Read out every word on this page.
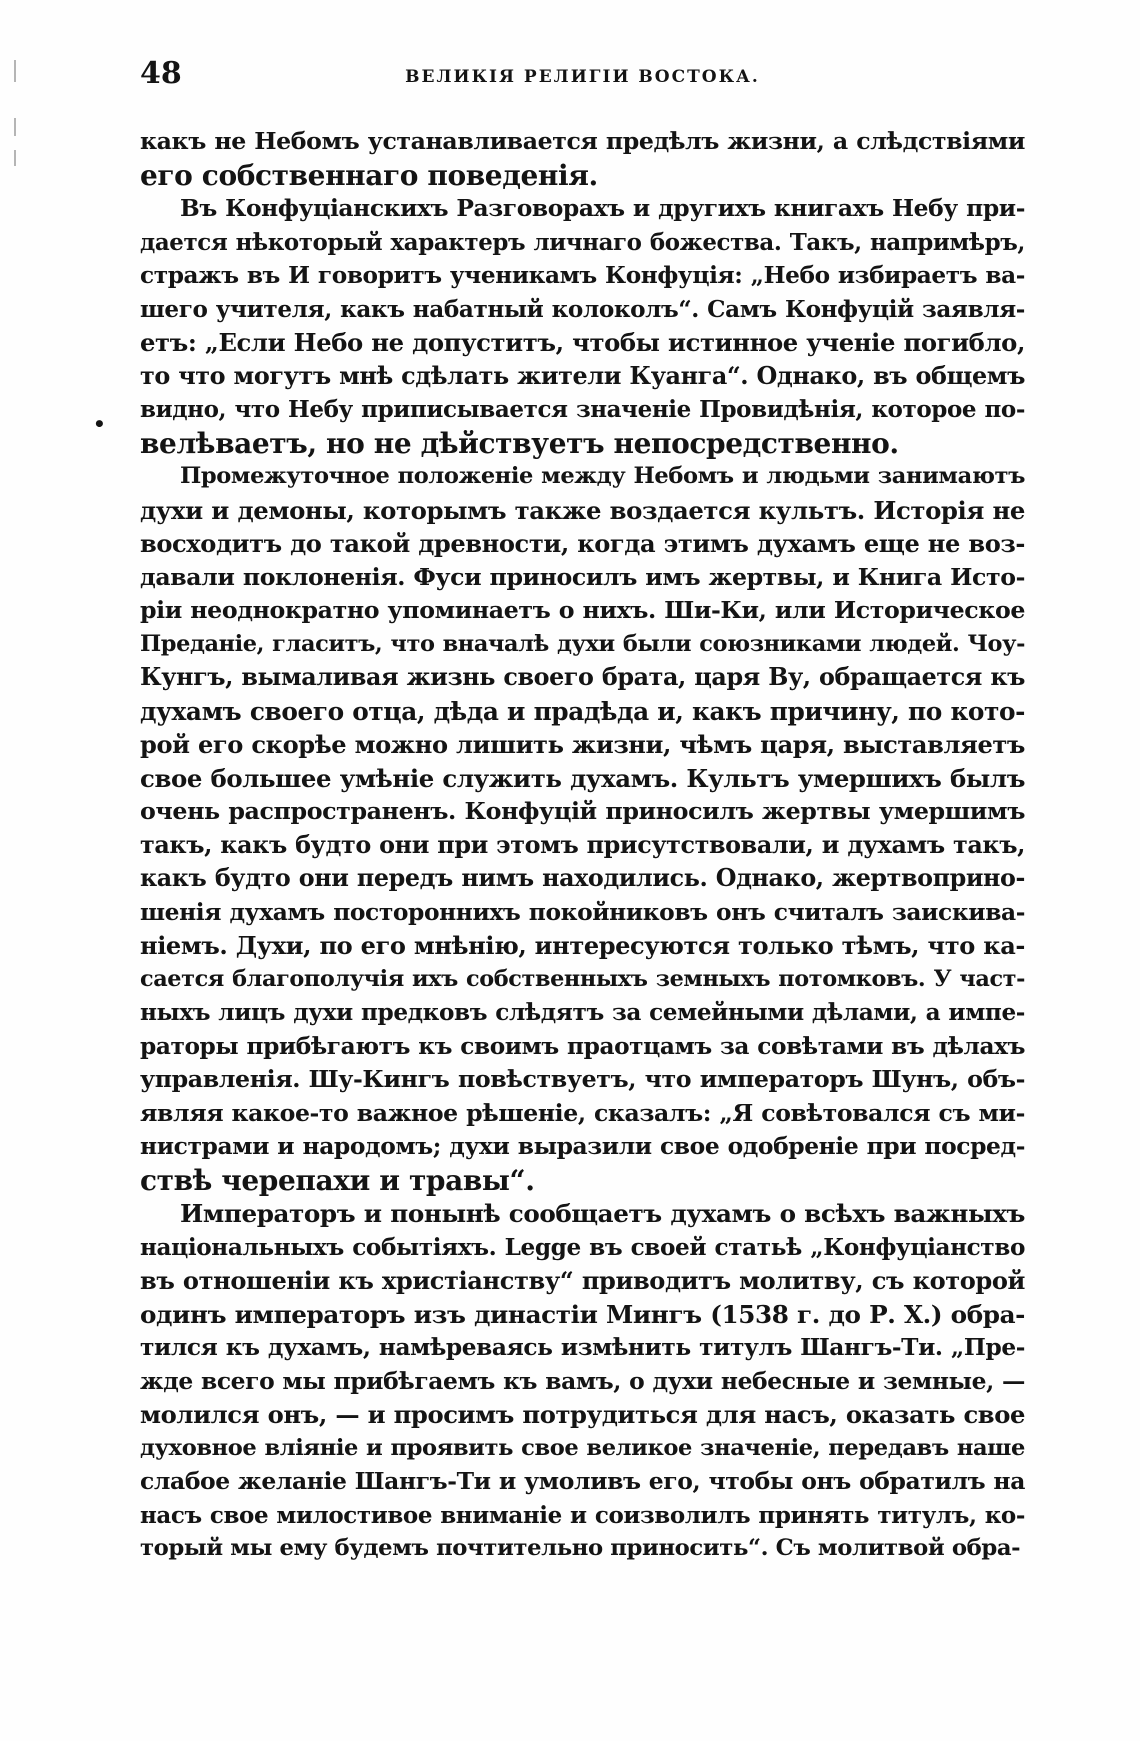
48	ВЕЛИКІЯ РЕЛИГІИ ВОСТОКА.
•
какъ не Небомъ устанавливается предѣлъ жизни, а слѣдствіями
его собственнаго поведенія.
Въ Конфуціанскихъ Разговорахъ и другихъ книгахъ Небу при-
дается нѣкоторый характеръ личнаго божества. Такъ, напримѣръ,
стражъ въ И говоритъ ученикамъ Конфуція: „Небо избираетъ ва-
шего учителя, какъ набатный колоколъ“. Самъ Конфуцій заявля-
етъ: „Если Небо не допуститъ, чтобы истинное ученіе погибло,
то что могутъ мнѣ сдѣлать жители Куанга“. Однако, въ общемъ
видно, что Небу приписывается значеніе Провидѣнія, которое по-
велѣваетъ, но не дѣйствуетъ непосредственно.
Промежуточное положеніе между Небомъ и людьми занимаютъ
духи и демоны, которымъ также воздается культъ. Исторія не
восходитъ до такой древности, когда этимъ духамъ еще не воз-
давали поклоненія. Фуси приносилъ имъ жертвы, и Книга Исто-
ріи неоднократно упоминаетъ о нихъ. Ши-Ки, или Историческое
Преданіе, гласитъ, что вначалѣ духи были союзниками людей. Чоу-
Кунгъ, вымаливая жизнь своего брата, царя Ву, обращается къ
духамъ своего отца, дѣда и прадѣда и, какъ причину, по кото-
рой его скорѣе можно лишить жизни, чѣмъ царя, выставляетъ
свое большее умѣніе служить духамъ. Культъ умершихъ былъ
очень распространенъ. Конфуцій приносилъ жертвы умершимъ
такъ, какъ будто они при этомъ присутствовали, и духамъ такъ,
какъ будто они передъ нимъ находились. Однако, жертвоприно-
шенія духамъ постороннихъ покойниковъ онъ считалъ заискива-
ніемъ. Духи, по его мнѣнію, интересуются только тѣмъ, что ка-
сается благополучія ихъ собственныхъ земныхъ потомковъ. У част-
ныхъ лицъ духи предковъ слѣдятъ за семейными дѣлами, а импе-
раторы прибѣгаютъ къ своимъ праотцамъ за совѣтами въ дѣлахъ
управленія. Шу-Кингъ повѣствуетъ, что императоръ Шунъ, объ-
являя какое-то важное рѣшеніе, сказалъ: „Я совѣтовался съ ми-
нистрами и народомъ; духи выразили свое одобреніе при посред-
ствѣ черепахи и травы“.
Императоръ и понынѣ сообщаетъ духамъ о всѣхъ важныхъ
національныхъ событіяхъ. Legge въ своей статьѣ „Конфуціанство
въ отношеніи къ христіанству“ приводитъ молитву, съ которой
одинъ императоръ изъ династіи Мингъ (1538 г. до Р. Х.) обра-
тился къ духамъ, намѣреваясь измѣнить титулъ Шангъ-Ти. „Пре-
жде всего мы прибѣгаемъ къ вамъ, о духи небесные и земные, —
молился онъ, — и просимъ потрудиться для насъ, оказать свое
духовное вліяніе и проявить свое великое значеніе, передавъ наше
слабое желаніе Шангъ-Ти и умоливъ его, чтобы онъ обратилъ на
насъ свое милостивое вниманіе и соизволилъ принять титулъ, ко-
торый мы ему будемъ почтительно приносить“. Съ молитвой обра-
